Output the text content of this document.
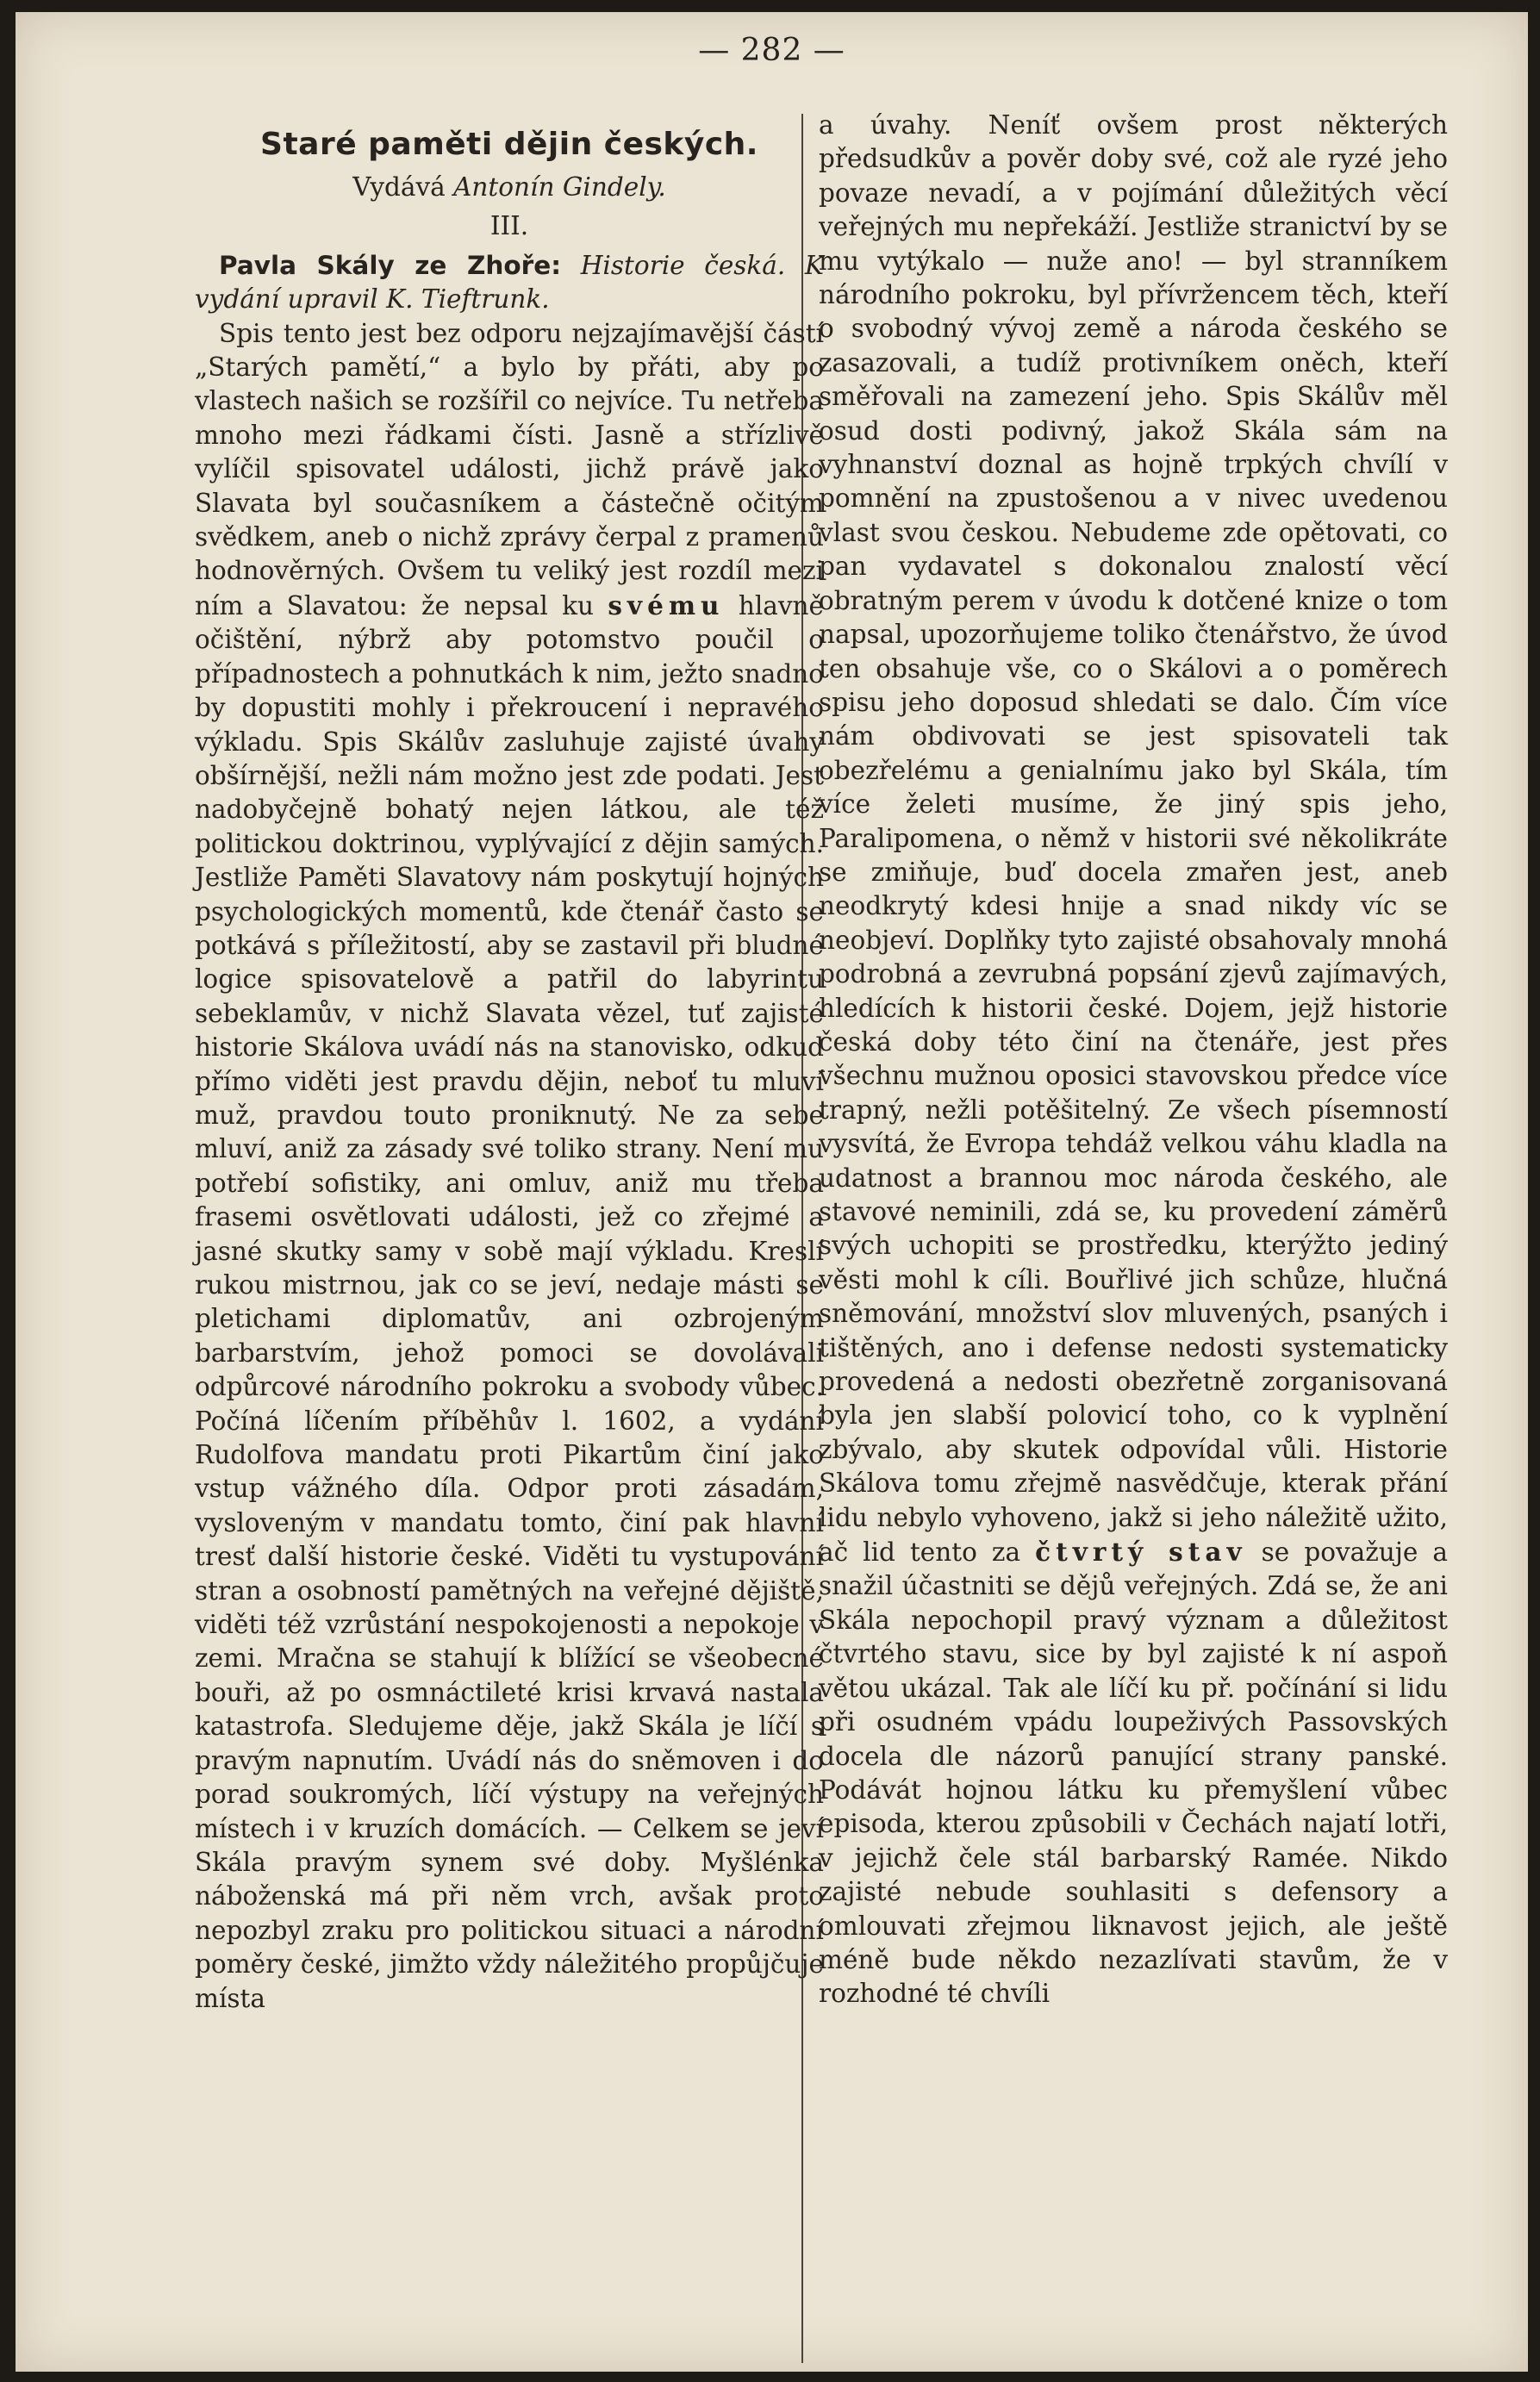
— 282 —
Staré paměti dějin českých.
Vydává Antonín Gindely.
III.

Pavla Skály ze Zhoře: Historie česká. K vydání upravil K. Tieftrunk.

Spis tento jest bez odporu nejzajímavější částí „Starých pamětí,“ a bylo by přáti, aby po vlastech našich se rozšířil co nejvíce. Tu netřeba mnoho mezi řádkami čísti. Jasně a střízlivě vylíčil spisovatel události, jichž právě jako Slavata byl současníkem a částečně očitým svědkem, aneb o nichž zprávy čerpal z pramenů hodnověrných. Ovšem tu veliký jest rozdíl mezi ním a Slavatou: že nepsal ku svému hlavně očištění, nýbrž aby potomstvo poučil o případnostech a pohnutkách k nim, ježto snadno by dopustiti mohly i překroucení i nepravého výkladu. Spis Skálův zasluhuje zajisté úvahy obšírnější, nežli nám možno jest zde podati. Jest nadobyčejně bohatý nejen látkou, ale též politickou doktrinou, vyplývající z dějin samých. Jestliže Paměti Slavatovy nám poskytují hojných psychologických momentů, kde čtenář často se potkává s příležitostí, aby se zastavil při bludné logice spisovatelově a patřil do labyrintu sebeklamův, v nichž Slavata vězel, tuť zajisté historie Skálova uvádí nás na stanovisko, odkud přímo viděti jest pravdu dějin, neboť tu mluví muž, pravdou touto proniknutý. Ne za sebe mluví, aniž za zásady své toliko strany. Není mu potřebí sofistiky, ani omluv, aniž mu třeba frasemi osvětlovati události, jež co zřejmé a jasné skutky samy v sobě mají výkladu. Kreslí rukou mistrnou, jak co se jeví, nedaje másti se pletichami diplomatův, ani ozbrojeným barbarstvím, jehož pomoci se dovolávali odpůrcové národního pokroku a svobody vůbec. Počíná líčením příběhův l. 1602, a vydání Rudolfova mandatu proti Pikartům činí jako vstup vážného díla. Odpor proti zásadám, vysloveným v mandatu tomto, činí pak hlavní tresť další historie české. Viděti tu vystupování stran a osobností pamětných na veřejné dějiště, viděti též vzrůstání nespokojenosti a nepokoje v zemi. Mračna se stahují k blížící se všeobecné bouři, až po osmnáctileté krisi krvavá nastala katastrofa. Sledujeme děje, jakž Skála je líčí s pravým napnutím. Uvádí nás do sněmoven i do porad soukromých, líčí výstupy na veřejných místech i v kruzích domácích. — Celkem se jeví Skála pravým synem své doby. Myšlénka náboženská má při něm vrch, avšak proto nepozbyl zraku pro politickou situaci a národní poměry české, jimžto vždy náležitého propůjčuje místa

a úvahy. Neníť ovšem prost některých předsudkův a pověr doby své, což ale ryzé jeho povaze nevadí, a v pojímání důležitých věcí veřejných mu nepřekáží. Jestliže stranictví by se mu vytýkalo — nuže ano! — byl stranníkem národního pokroku, byl přívržencem těch, kteří o svobodný vývoj země a národa českého se zasazovali, a tudíž protivníkem oněch, kteří směřovali na zamezení jeho. Spis Skálův měl osud dosti podivný, jakož Skála sám na vyhnanství doznal as hojně trpkých chvílí v pomnění na zpustošenou a v nivec uvedenou vlast svou českou. Nebudeme zde opětovati, co pan vydavatel s dokonalou znalostí věcí obratným perem v úvodu k dotčené knize o tom napsal, upozorňujeme toliko čtenářstvo, že úvod ten obsahuje vše, co o Skálovi a o poměrech spisu jeho doposud shledati se dalo. Čím více nám obdivovati se jest spisovateli tak obezřelému a genialnímu jako byl Skála, tím více želeti musíme, že jiný spis jeho, Paralipomena, o němž v historii své několikráte se zmiňuje, buď docela zmařen jest, aneb neodkrytý kdesi hnije a snad nikdy víc se neobjeví. Doplňky tyto zajisté obsahovaly mnohá podrobná a zevrubná popsání zjevů zajímavých, hledících k historii české. Dojem, jejž historie česká doby této činí na čtenáře, jest přes všechnu mužnou oposici stavovskou předce více trapný, nežli potěšitelný. Ze všech písemností vysvítá, že Evropa tehdáž velkou váhu kladla na udatnost a brannou moc národa českého, ale stavové neminili, zdá se, ku provedení záměrů svých uchopiti se prostředku, kterýžto jediný věsti mohl k cíli. Bouřlivé jich schůze, hlučná sněmování, množství slov mluvených, psaných i tištěných, ano i defense nedosti systematicky provedená a nedosti obezřetně zorganisovaná byla jen slabší polovicí toho, co k vyplnění zbývalo, aby skutek odpovídal vůli. Historie Skálova tomu zřejmě nasvědčuje, kterak přání lidu nebylo vyhoveno, jakž si jeho náležitě užito, ač lid tento za čtvrtý stav se považuje a snažil účastniti se dějů veřejných. Zdá se, že ani Skála nepochopil pravý význam a důležitost čtvrtého stavu, sice by byl zajisté k ní aspoň větou ukázal. Tak ale líčí ku př. počínání si lidu při osudném vpádu loupeživých Passovských docela dle názorů panující strany panské. Podávát hojnou látku ku přemyšlení vůbec episoda, kterou způsobili v Čechách najatí lotři, v jejichž čele stál barbarský Ramée. Nikdo zajisté nebude souhlasiti s defensory a omlouvati zřejmou liknavost jejich, ale ještě méně bude někdo nezazlívati stavům, že v rozhodné té chvíli
